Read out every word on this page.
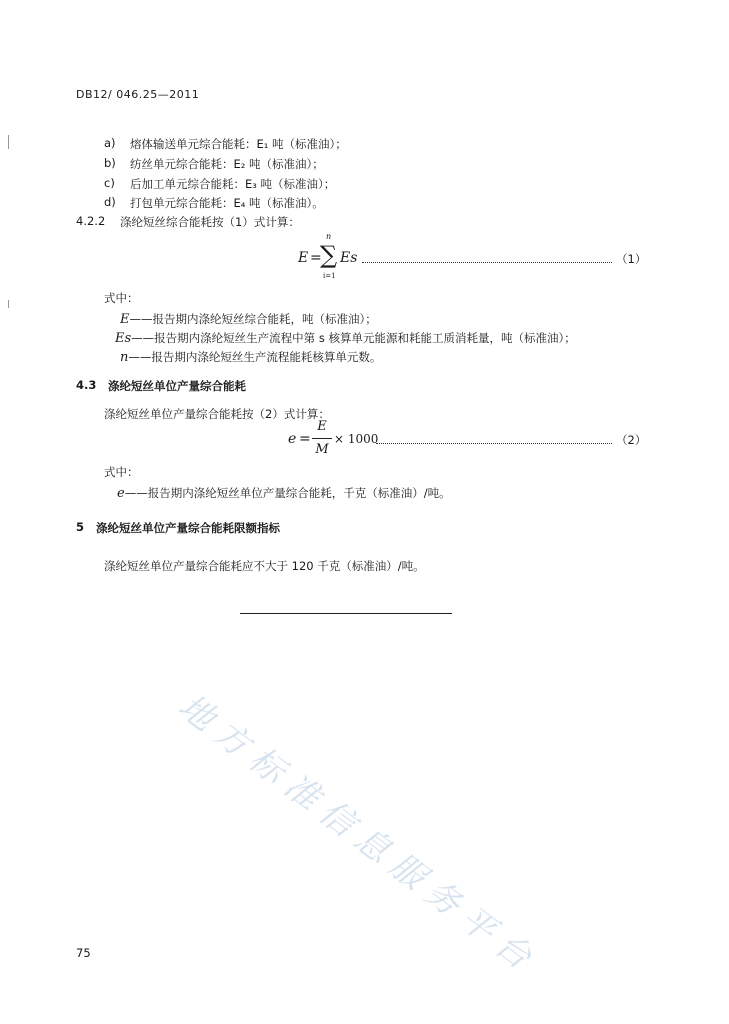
DB12/ 046.25—2011
a) 熔体输送单元综合能耗：E₁ 吨（标准油）；
b) 纺丝单元综合能耗：E₂ 吨（标准油）；
c) 后加工单元综合能耗：E₃ 吨（标准油）；
d) 打包单元综合能耗：E₄ 吨（标准油）。
4.2.2 涤纶短丝综合能耗按（1）式计算：
E =
n
∑
i=1
Es	（1）
式中：
E——报告期内涤纶短丝综合能耗，吨（标准油）；
Es——报告期内涤纶短丝生产流程中第 s 核算单元能源和耗能工质消耗量，吨（标准油）；
n——报告期内涤纶短丝生产流程能耗核算单元数。
4.3 涤纶短丝单位产量综合能耗
涤纶短丝单位产量综合能耗按（2）式计算：
e =
E
M
× 1000	（2）
式中：
e——报告期内涤纶短丝单位产量综合能耗，千克（标准油）/吨。
5 涤纶短丝单位产量综合能耗限额指标
涤纶短丝单位产量综合能耗应不大于 120 千克（标准油）/吨。
地方标准信息服务平台
75
